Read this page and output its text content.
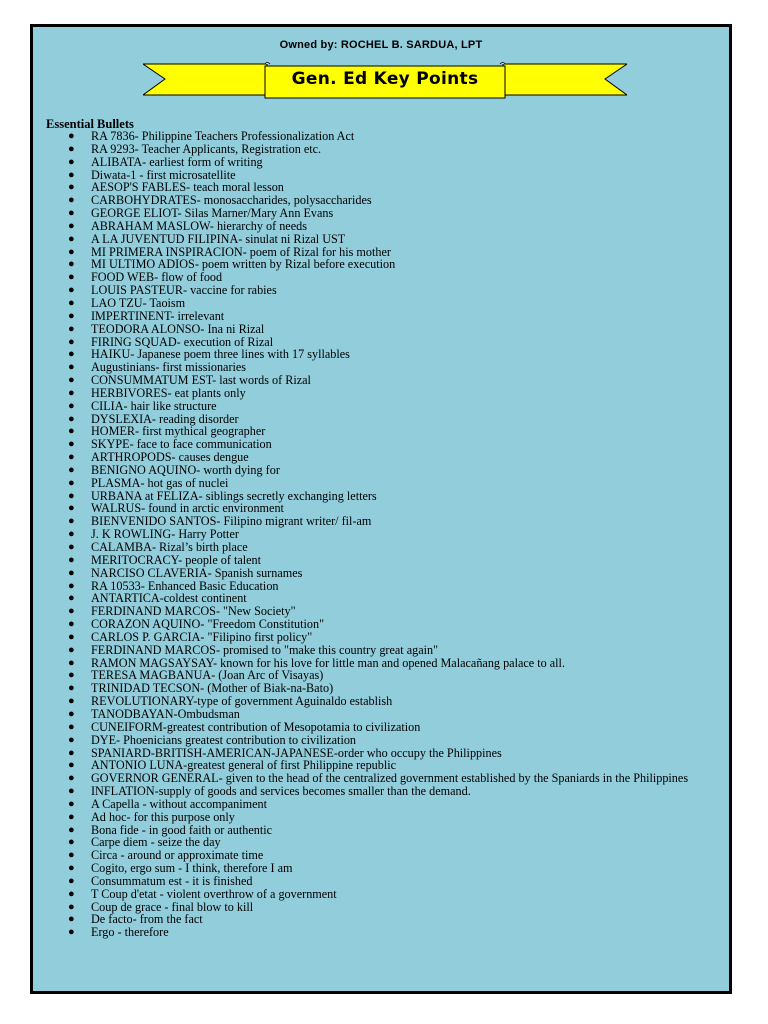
Owned by: ROCHEL B. SARDUA, LPT
Gen. Ed Key Points
Essential Bullets
● RA 7836- Philippine Teachers Professionalization Act
● RA 9293- Teacher Applicants, Registration etc.
● ALIBATA- earliest form of writing
● Diwata-1 - first microsatellite
● AESOP'S FABLES- teach moral lesson
● CARBOHYDRATES- monosaccharides, polysaccharides
● GEORGE ELIOT- Silas Marner/Mary Ann Evans
● ABRAHAM MASLOW- hierarchy of needs
● A LA JUVENTUD FILIPINA- sinulat ni Rizal UST
● MI PRIMERA INSPIRACION- poem of Rizal for his mother
● MI ULTIMO ADIOS- poem written by Rizal before execution
● FOOD WEB- flow of food
● LOUIS PASTEUR- vaccine for rabies
● LAO TZU- Taoism
● IMPERTINENT- irrelevant
● TEODORA ALONSO- Ina ni Rizal
● FIRING SQUAD- execution of Rizal
● HAIKU- Japanese poem three lines with 17 syllables
● Augustinians- first missionaries
● CONSUMMATUM EST- last words of Rizal
● HERBIVORES- eat plants only
● CILIA- hair like structure
● DYSLEXIA- reading disorder
● HOMER- first mythical geographer
● SKYPE- face to face communication
● ARTHROPODS- causes dengue
● BENIGNO AQUINO- worth dying for
● PLASMA- hot gas of nuclei
● URBANA at FELIZA- siblings secretly exchanging letters
● WALRUS- found in arctic environment
● BIENVENIDO SANTOS- Filipino migrant writer/ fil-am
● J. K ROWLING- Harry Potter
● CALAMBA- Rizal’s birth place
● MERITOCRACY- people of talent
● NARCISO CLAVERIA- Spanish surnames
● RA 10533- Enhanced Basic Education
● ANTARTICA-coldest continent
● FERDINAND MARCOS- "New Society"
● CORAZON AQUINO- "Freedom Constitution"
● CARLOS P. GARCIA- "Filipino first policy"
● FERDINAND MARCOS- promised to "make this country great again"
● RAMON MAGSAYSAY- known for his love for little man and opened Malacañang palace to all.
● TERESA MAGBANUA- (Joan Arc of Visayas)
● TRINIDAD TECSON- (Mother of Biak-na-Bato)
● REVOLUTIONARY-type of government Aguinaldo establish
● TANODBAYAN-Ombudsman
● CUNEIFORM-greatest contribution of Mesopotamia to civilization
● DYE- Phoenicians greatest contribution to civilization
● SPANIARD-BRITISH-AMERICAN-JAPANESE-order who occupy the Philippines
● ANTONIO LUNA-greatest general of first Philippine republic
● GOVERNOR GENERAL- given to the head of the centralized government established by the Spaniards in the Philippines
● INFLATION-supply of goods and services becomes smaller than the demand.
● A Capella - without accompaniment
● Ad hoc- for this purpose only
● Bona fide - in good faith or authentic
● Carpe diem - seize the day
● Circa - around or approximate time
● Cogito, ergo sum - I think, therefore I am
● Consummatum est - it is finished
● T Coup d'etat - violent overthrow of a government
● Coup de grace - final blow to kill
● De facto- from the fact
● Ergo - therefore
